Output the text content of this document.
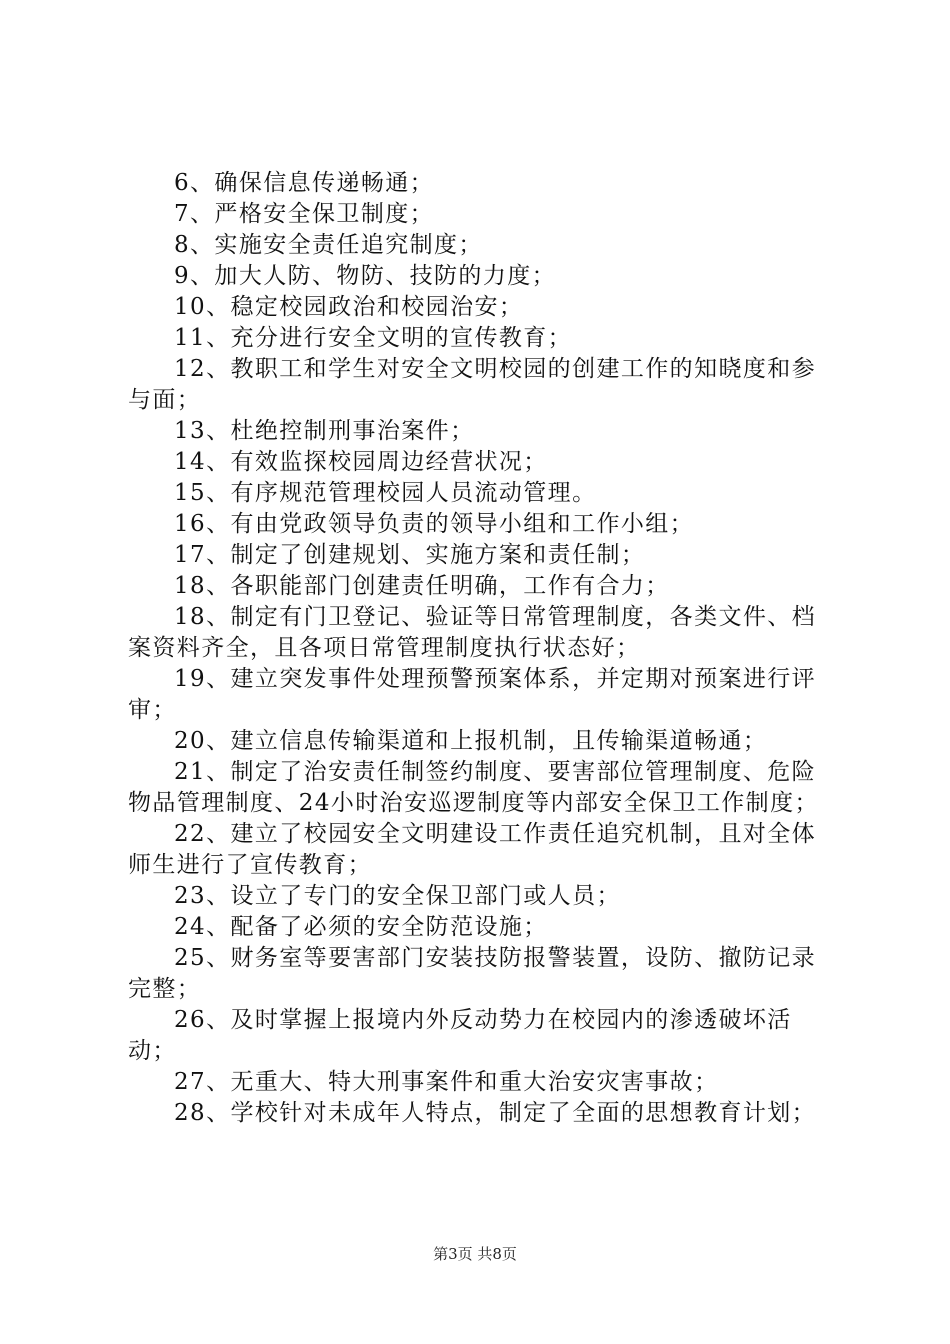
6、确保信息传递畅通；

7、严格安全保卫制度；

8、实施安全责任追究制度；

9、加大人防、物防、技防的力度；

10、稳定校园政治和校园治安；

11、充分进行安全文明的宣传教育；

12、教职工和学生对安全文明校园的创建工作的知晓度和参与面；

13、杜绝控制刑事治案件；

14、有效监探校园周边经营状况；

15、有序规范管理校园人员流动管理。

16、有由党政领导负责的领导小组和工作小组；

17、制定了创建规划、实施方案和责任制；

18、各职能部门创建责任明确，工作有合力；

18、制定有门卫登记、验证等日常管理制度，各类文件、档案资料齐全，且各项日常管理制度执行状态好；

19、建立突发事件处理预警预案体系，并定期对预案进行评审；

20、建立信息传输渠道和上报机制，且传输渠道畅通；

21、制定了治安责任制签约制度、要害部位管理制度、危险物品管理制度、24小时治安巡逻制度等内部安全保卫工作制度；

22、建立了校园安全文明建设工作责任追究机制，且对全体师生进行了宣传教育；

23、设立了专门的安全保卫部门或人员；

24、配备了必须的安全防范设施；

25、财务室等要害部门安装技防报警装置，设防、撤防记录完整；

26、及时掌握上报境内外反动势力在校园内的渗透破坏活动；

27、无重大、特大刑事案件和重大治安灾害事故；

28、学校针对未成年人特点，制定了全面的思想教育计划；

第3页 共8页
